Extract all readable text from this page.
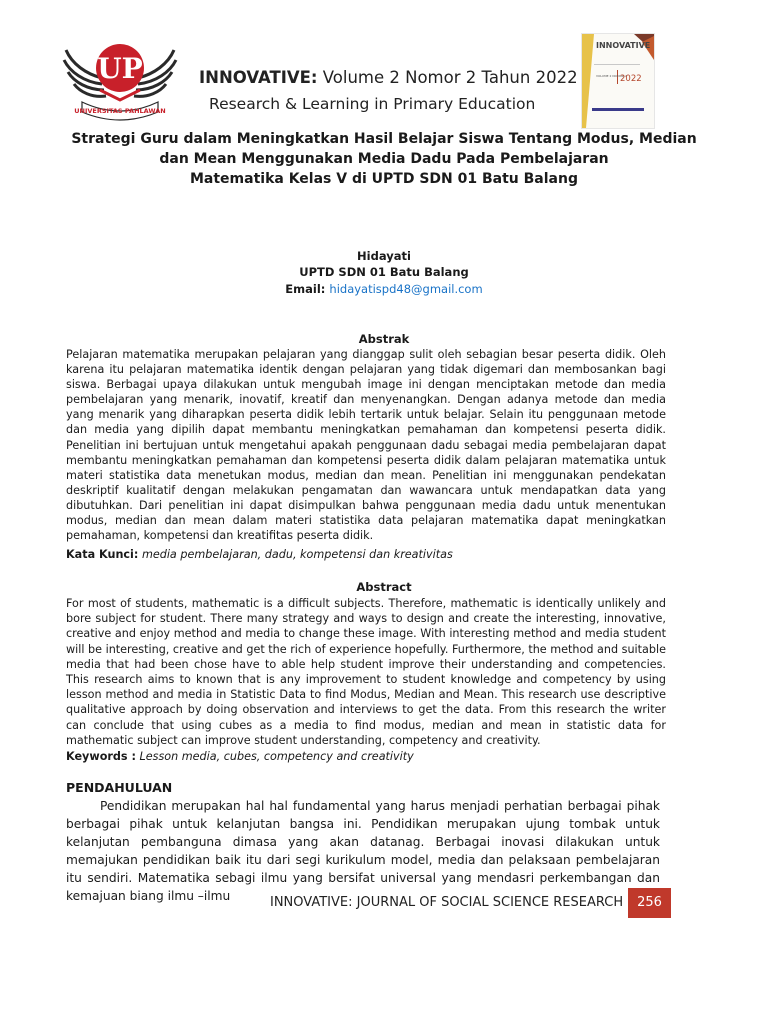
UP
UNIVERSITAS PAHLAWAN
INNOVATIVE: Volume 2 Nomor 2 Tahun 2022
Research & Learning in Primary Education
INNOVATIVE
VOLUME 2 NOMOR 2
2022
Strategi Guru dalam Meningkatkan Hasil Belajar Siswa Tentang Modus, Median
dan Mean Menggunakan Media Dadu Pada Pembelajaran
Matematika Kelas V di UPTD SDN 01 Batu Balang
Hidayati
UPTD SDN 01 Batu Balang
Email: hidayatispd48@gmail.com
Abstrak
Pelajaran matematika merupakan pelajaran yang dianggap sulit oleh sebagian besar peserta didik. Oleh karena itu pelajaran matematika identik dengan pelajaran yang tidak digemari dan membosankan bagi siswa. Berbagai upaya dilakukan untuk mengubah image ini dengan menciptakan metode dan media pembelajaran yang menarik, inovatif, kreatif dan menyenangkan. Dengan adanya metode dan media yang menarik yang diharapkan peserta didik lebih tertarik untuk belajar. Selain itu penggunaan metode dan media yang dipilih dapat membantu meningkatkan pemahaman dan kompetensi peserta didik. Penelitian ini bertujuan untuk mengetahui apakah penggunaan dadu sebagai media pembelajaran dapat membantu meningkatkan pemahaman dan kompetensi peserta didik dalam pelajaran matematika untuk materi statistika data menetukan modus, median dan mean. Penelitian ini menggunakan pendekatan deskriptif kualitatif dengan melakukan pengamatan dan wawancara untuk mendapatkan data yang dibutuhkan. Dari penelitian ini dapat disimpulkan bahwa penggunaan media dadu untuk menentukan modus, median dan mean dalam materi statistika data pelajaran matematika dapat meningkatkan pemahaman, kompetensi dan kreatifitas peserta didik.
Kata Kunci: media pembelajaran, dadu, kompetensi dan kreativitas
Abstract
For most of students, mathematic is a difficult subjects. Therefore, mathematic is identically unlikely and bore subject for student. There many strategy and ways to design and create the interesting, innovative, creative and enjoy method and media to change these image. With interesting method and media student will be interesting, creative and get the rich of experience hopefully. Furthermore, the method and suitable media that had been chose have to able help student improve their understanding and competencies. This research aims to known that is any improvement to student knowledge and competency by using lesson method and media in Statistic Data to find Modus, Median and Mean. This research use descriptive qualitative approach by doing observation and interviews to get the data. From this research the writer can conclude that using cubes as a media to find modus, median and mean in statistic data for mathematic subject can improve student understanding, competency and creativity.
Keywords : Lesson media, cubes, competency and creativity
PENDAHULUAN
Pendidikan merupakan hal hal fundamental yang harus menjadi perhatian berbagai pihak berbagai pihak untuk kelanjutan bangsa ini. Pendidikan merupakan ujung tombak untuk kelanjutan pembanguna dimasa yang akan datanag. Berbagai inovasi dilakukan untuk memajukan pendidikan baik itu dari segi kurikulum model, media dan pelaksaan pembelajaran itu sendiri. Matematika sebagi ilmu yang bersifat universal yang mendasri perkembangan dan kemajuan biang ilmu –ilmu	INNOVATIVE: JOURNAL OF SOCIAL SCIENCE RESEARCH	256
